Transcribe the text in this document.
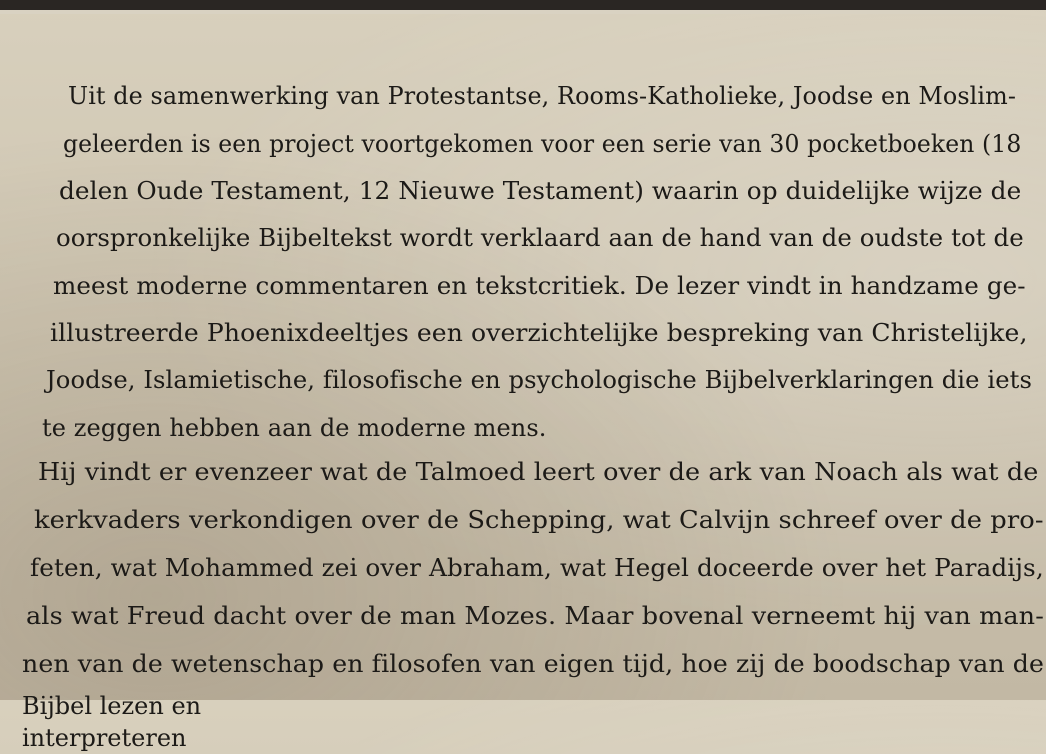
Uit de samenwerking van Protestantse, Rooms-Katholieke, Joodse en Moslim-
geleerden is een project voortgekomen voor een serie van 30 pocketboeken (18
delen Oude Testament, 12 Nieuwe Testament) waarin op duidelijke wijze de
oorspronkelijke Bijbeltekst wordt verklaard aan de hand van de oudste tot de
meest moderne commentaren en tekstcritiek. De lezer vindt in handzame ge-
illustreerde Phoenixdeeltjes een overzichtelijke bespreking van Christelijke,
Joodse, Islamietische, filosofische en psychologische Bijbelverklaringen die iets
te zeggen hebben aan de moderne mens.
Hij vindt er evenzeer wat de Talmoed leert over de ark van Noach als wat de
kerkvaders verkondigen over de Schepping, wat Calvijn schreef over de pro-
feten, wat Mohammed zei over Abraham, wat Hegel doceerde over het Paradijs,
als wat Freud dacht over de man Mozes. Maar bovenal verneemt hij van man-
nen van de wetenschap en filosofen van eigen tijd, hoe zij de boodschap van de
Bijbel lezen en interpreteren
